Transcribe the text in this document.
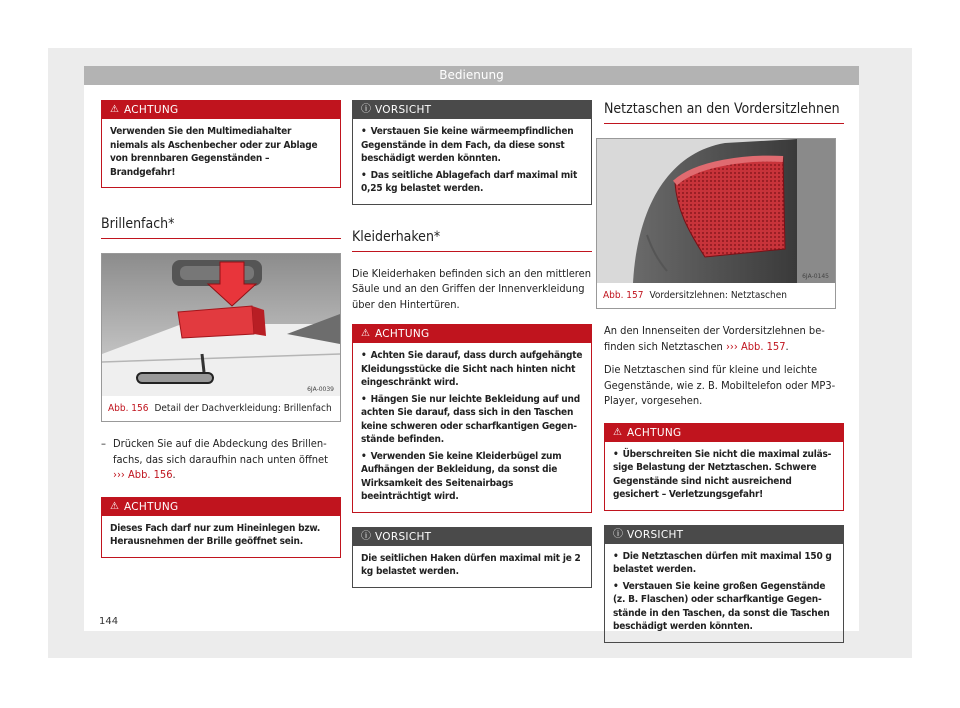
Bedienung
⚠ ACHTUNG

Verwenden Sie den Multimediahalter niemals als Aschenbecher oder zur Ablage von brennbaren Gegenständen – Brandgefahr!

Brillenfach*
6JA-0039
Abb. 156 Detail der Dachverkleidung: Brillenfach

– Drücken Sie auf die Abdeckung des Brillenfachs, das sich daraufhin nach unten öffnet ››› Abb. 156.

⚠ ACHTUNG

Dieses Fach darf nur zum Hineinlegen bzw. Herausnehmen der Brille geöffnet sein.

ⓘ VORSICHT

• Verstauen Sie keine wärmeempfindlichen Gegenstände in dem Fach, da diese sonst beschädigt werden könnten.

• Das seitliche Ablagefach darf maximal mit 0,25 kg belastet werden.

Kleiderhaken*

Die Kleiderhaken befinden sich an den mittleren Säule und an den Griffen der Innenverkleidung über den Hintertüren.

⚠ ACHTUNG

• Achten Sie darauf, dass durch aufgehängte Kleidungsstücke die Sicht nach hinten nicht eingeschränkt wird.

• Hängen Sie nur leichte Bekleidung auf und achten Sie darauf, dass sich in den Taschen keine schweren oder scharfkantigen Gegenstände befinden.

• Verwenden Sie keine Kleiderbügel zum Aufhängen der Bekleidung, da sonst die Wirksamkeit des Seitenairbags beeinträchtigt wird.

ⓘ VORSICHT

Die seitlichen Haken dürfen maximal mit je 2 kg belastet werden.

Netztaschen an den Vordersitzlehnen
6JA-0145
Abb. 157 Vordersitzlehnen: Netztaschen

An den Innenseiten der Vordersitzlehnen befinden sich Netztaschen ››› Abb. 157.

Die Netztaschen sind für kleine und leichte Gegenstände, wie z. B. Mobiltelefon oder MP3-Player, vorgesehen.

⚠ ACHTUNG

• Überschreiten Sie nicht die maximal zulässige Belastung der Netztaschen. Schwere Gegenstände sind nicht ausreichend gesichert – Verletzungsgefahr!

ⓘ VORSICHT

• Die Netztaschen dürfen mit maximal 150 g belastet werden.

• Verstauen Sie keine großen Gegenstände (z. B. Flaschen) oder scharfkantige Gegenstände in den Taschen, da sonst die Taschen beschädigt werden könnten.

144
